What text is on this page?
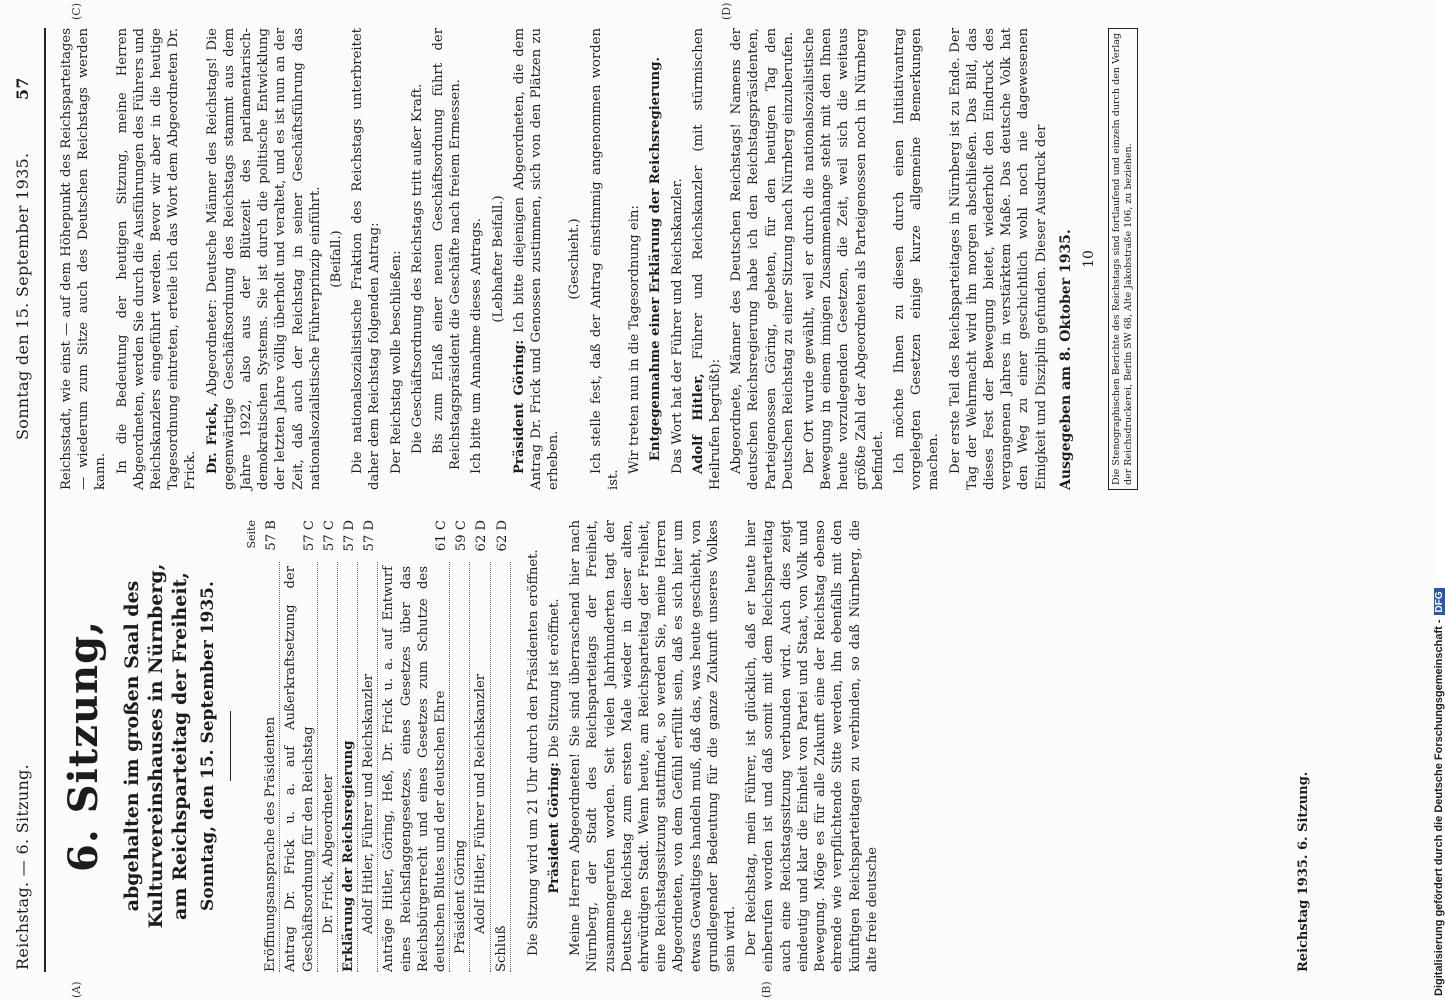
Reichstag. — 6. Sitzung.
Sonntag den 15. September 1935.
57
(A)	(B)
(C)	(D)
6. Sitzung, abgehalten im großen Saal des Kulturvereinshauses in Nürnberg, am Reichsparteitag der Freiheit, Sonntag, den 15. September 1935.
Seite
Eröffnungsansprache des Präsidenten
57 B
Antrag Dr. Frick u. a. auf Außerkraftsetzung der Geschäftsordnung für den Reichstag
57 C
Dr. Frick, Abgeordneter
57 C
Erklärung der Reichsregierung
57 D
Adolf Hitler, Führer und Reichskanzler
57 D
Anträge Hitler, Göring, Heß, Dr. Frick u. a. auf Entwurf eines Reichsflaggengesetzes, eines Gesetzes über das Reichsbürgerrecht und eines Gesetzes zum Schutze des deutschen Blutes und der deutschen Ehre
61 C
Präsident Göring
59 C
Adolf Hitler, Führer und Reichskanzler
62 D
Schluß
62 D

Die Sitzung wird um 21 Uhr durch den Präsidenten eröffnet. Präsident Göring: Die Sitzung ist eröffnet. Meine Herren Abgeordneten! Sie sind überraschend hier nach Nürnberg, der Stadt des Reichsparteitags der Freiheit, zusammengerufen worden. Seit vielen Jahrhunderten tagt der Deutsche Reichstag zum ersten Male wieder in dieser alten, ehrwürdigen Stadt. Wenn heute, am Reichsparteitag der Freiheit, eine Reichstagssitzung stattfindet, so werden Sie, meine Herren Abgeordneten, von dem Gefühl erfüllt sein, daß es sich hier um etwas Gewaltiges handeln muß, daß das, was heute geschieht, von grundlegender Bedeutung für die ganze Zukunft unseres Volkes sein wird. Der Reichstag, mein Führer, ist glücklich, daß er heute hier einberufen worden ist und daß somit mit dem Reichsparteitag auch eine Reichstagssitzung verbunden wird. Auch dies zeigt eindeutig und klar die Einheit von Partei und Staat, von Volk und Bewegung. Möge es für alle Zukunft eine der Reichstag ebenso ehrende wie verpflichtende Sitte werden, ihn ebenfalls mit den künftigen Reichsparteitagen zu verbinden, so daß Nürnberg, die alte freie deutsche

Reichsstadt, wie einst — auf dem Höhepunkt des Reichsparteitages — wiederum zum Sitze auch des Deutschen Reichstags werden kann. In die Bedeutung der heutigen Sitzung, meine Herren Abgeordneten, werden Sie durch die Ausführungen des Führers und Reichskanzlers eingeführt werden. Bevor wir aber in die heutige Tagesordnung eintreten, erteile ich das Wort dem Abgeordneten Dr. Frick. Dr. Frick, Abgeordneter: Deutsche Männer des Reichstags! Die gegenwärtige Geschäftsordnung des Reichstags stammt aus dem Jahre 1922, also aus der Blütezeit des parlamentarisch-demokratischen Systems. Sie ist durch die politische Entwicklung der letzten Jahre völlig überholt und veraltet, und es ist nun an der Zeit, daß auch der Reichstag in seiner Geschäftsführung das nationalsozialistische Führerprinzip einführt. (Beifall.) Die nationalsozialistische Fraktion des Reichstags unterbreitet daher dem Reichstag folgenden Antrag: Der Reichstag wolle beschließen: Die Geschäftsordnung des Reichstags tritt außer Kraft. Bis zum Erlaß einer neuen Geschäftsordnung führt der Reichstagspräsident die Geschäfte nach freiem Ermessen. Ich bitte um Annahme dieses Antrags. (Lebhafter Beifall.)

Präsident Göring: Ich bitte diejenigen Abgeordneten, die dem Antrag Dr. Frick und Genossen zustimmen, sich von den Plätzen zu erheben.

(Geschieht.) Ich stelle fest, daß der Antrag einstimmig angenommen worden ist.

Wir treten nun in die Tagesordnung ein: Entgegennahme einer Erklärung der Reichsregierung. Das Wort hat der Führer und Reichskanzler. Adolf Hitler, Führer und Reichskanzler (mit stürmischen Heilrufen begrüßt): Abgeordnete, Männer des Deutschen Reichstags! Namens der deutschen Reichsregierung habe ich den Reichstagspräsidenten, Parteigenossen Göring, gebeten, für den heutigen Tag den Deutschen Reichstag zu einer Sitzung nach Nürnberg einzuberufen. Der Ort wurde gewählt, weil er durch die nationalsozialistische Bewegung in einem innigen Zusammenhange steht mit den Ihnen heute vorzulegenden Gesetzen, die Zeit, weil sich die weitaus größte Zahl der Abgeordneten als Parteigenossen noch in Nürnberg befindet. Ich möchte Ihnen zu diesen durch einen Initiativantrag vorgelegten Gesetzen einige kurze allgemeine Bemerkungen machen. Der erste Teil des Reichsparteitages in Nürnberg ist zu Ende. Der Tag der Wehrmacht wird ihn morgen abschließen. Das Bild, das dieses Fest der Bewegung bietet, wiederholt den Eindruck des vergangenen Jahres in verstärktem Maße. Das deutsche Volk hat den Weg zu einer geschichtlich wohl noch nie dagewesenen Einigkeit und Disziplin gefunden. Dieser Ausdruck der Ausgegeben am 8. Oktober 1935. 10 Die Stenographischen Berichte des Reichstags sind fortlaufend und einzeln durch den Verlag der Reichsdruckerei, Berlin SW 68, Alte Jakobstraße 106, zu beziehen.
Reichstag 1935. 6. Sitzung.	Digitalisierung gefördert durch die Deutsche Forschungsgemeinschaft -DFG
